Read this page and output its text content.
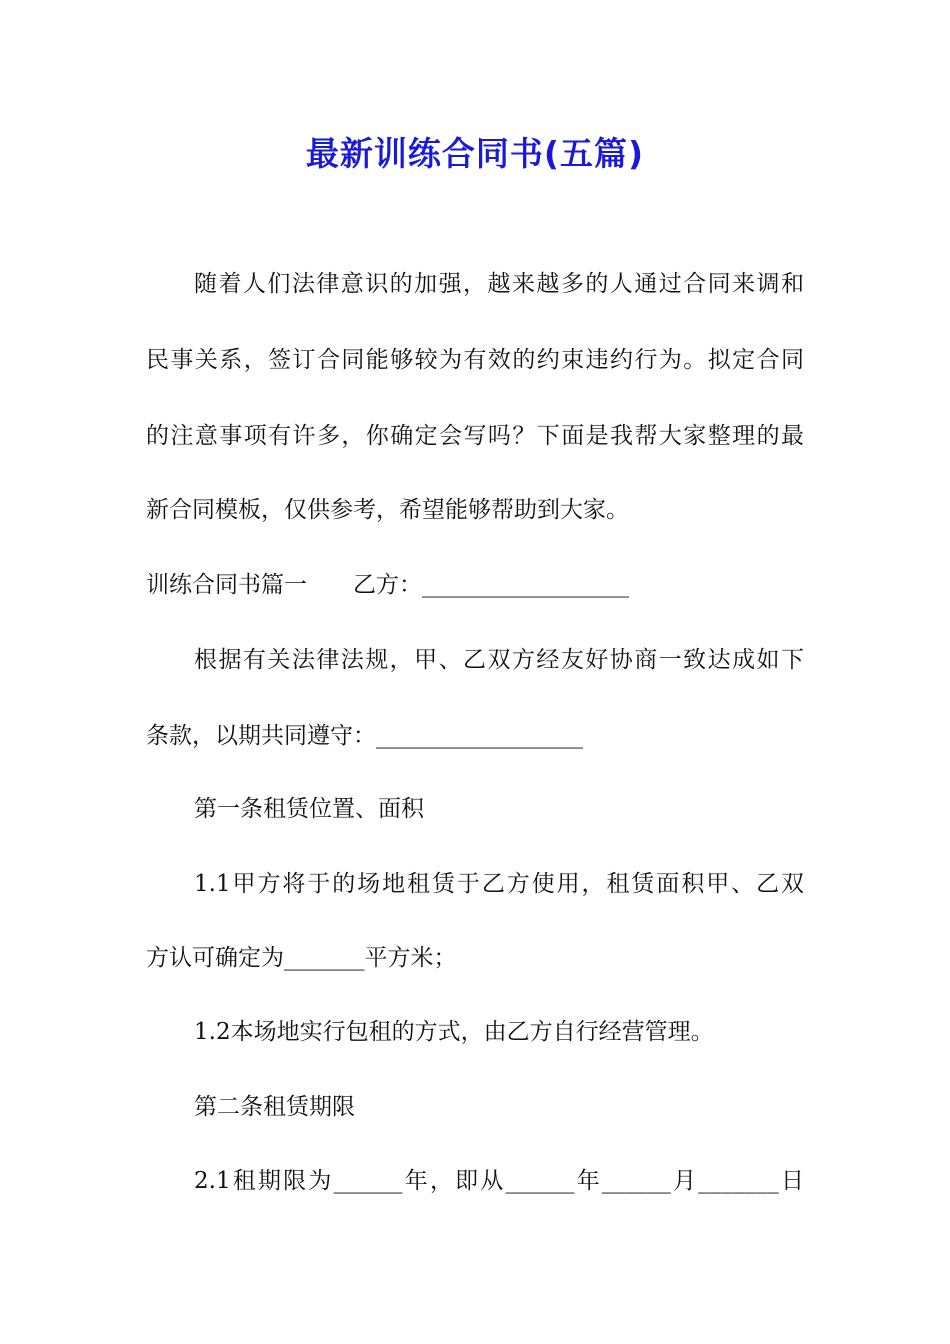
最新训练合同书(五篇)
随着人们法律意识的加强，越来越多的人通过合同来调和
民事关系，签订合同能够较为有效的约束违约行为。拟定合同
的注意事项有许多，你确定会写吗？下面是我帮大家整理的最
新合同模板，仅供参考，希望能够帮助到大家。
训练合同书篇一　　乙方：__________________
根据有关法律法规，甲、乙双方经友好协商一致达成如下
条款，以期共同遵守：__________________
第一条租赁位置、面积
1.1甲方将于的场地租赁于乙方使用，租赁面积甲、乙双
方认可确定为_______平方米；
1.2本场地实行包租的方式，由乙方自行经营管理。
第二条租赁期限
2.1租期限为______年，即从______年______月_______日
